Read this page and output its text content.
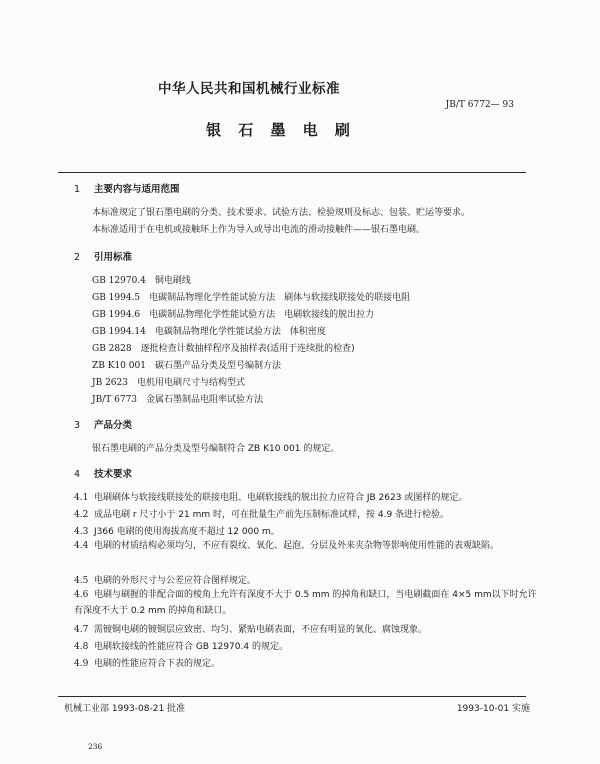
中华人民共和国机械行业标准
JB/T 6772— 93
银 石 墨 电 刷
1 主要内容与适用范围
本标准规定了银石墨电刷的分类、技术要求、试验方法、检验规则及标志、包装、贮运等要求。
本标准适用于在电机或接触环上作为导入或导出电流的滑动接触件——银石墨电刷。
2 引用标准
GB 12970.4　 铜电刷线
GB 1994.5　 电碳制品物理化学性能试验方法　刷体与软接线联接处的联接电阻
GB 1994.6　 电碳制品物理化学性能试验方法　电刷软接线的脱出拉力
GB 1994.14　 电碳制品物理化学性能试验方法　体积密度
GB 2828　 逐批检查计数抽样程序及抽样表(适用于连续批的检查)
ZB K10 001　 碳石墨产品分类及型号编制方法
JB 2623　 电机用电刷尺寸与结构型式
JB/T 6773　 金属石墨制品电阻率试验方法
3 产品分类
银石墨电刷的产品分类及型号编制符合 ZB K10 001 的规定。
4 技术要求
4.1 电刷刷体与软接线联接处的联接电阻、电刷软接线的脱出拉力应符合 JB 2623 或图样的规定。
4.2 成品电刷 r 尺寸小于 21 mm 时，可在批量生产前先压制标准试样，按 4.9 条进行检验。
4.3 J366 电刷的使用海拔高度不超过 12 000 m。
4.4 电刷的材质结构必须均匀，不应有裂纹、氧化、起泡、分层及外来夹杂物等影响使用性能的表观缺陷。
4.5 电刷的外形尺寸与公差应符合图样规定。
4.6 电刷与刷握的非配合面的棱角上允许有深度不大于 0.5 mm 的掉角和缺口，当电刷截面在 4×5 mm以下时允许有深度不大于 0.2 mm 的掉角和缺口。
4.7 需镀铜电刷的镀铜层应致密、均匀、紧贴电刷表面，不应有明显的氧化、腐蚀现象。
4.8 电刷软接线的性能应符合 GB 12970.4 的规定。
4.9 电刷的性能应符合下表的规定。
机械工业部 1993-08-21 批准	1993-10-01 实施
236
